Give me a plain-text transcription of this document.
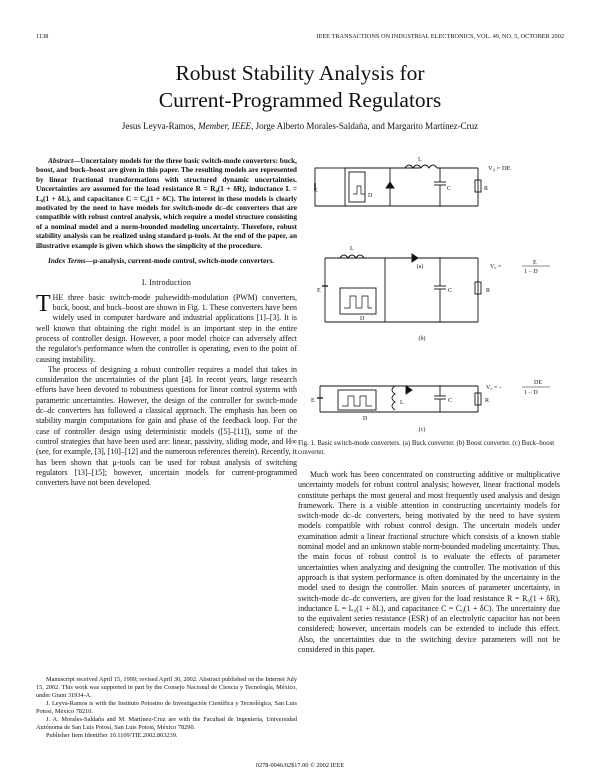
1138	IEEE TRANSACTIONS ON INDUSTRIAL ELECTRONICS, VOL. 49, NO. 5, OCTOBER 2002
Robust Stability Analysis for
Current-Programmed Regulators
Jesus Leyva-Ramos, Member, IEEE, Jorge Alberto Morales-Saldaña, and Margarito Martínez-Cruz
Abstract—Uncertainty models for the three basic switch-mode converters: buck, boost, and buck–boost are given in this paper. The resulting models are represented by linear fractional transformations with structured dynamic uncertainties. Uncertainties are assumed for the load resistance R = R₀(1 + δR), inductance L = L₀(1 + δL), and capacitance C = C₀(1 + δC). The interest in these models is clearly motivated by the need to have models for switch-mode dc–dc converters that are compatible with robust control analysis, which require a model structure consisting of a nominal model and a norm-bounded modeling uncertainty. Therefore, robust stability analysis can be realized using standard μ-tools. At the end of the paper, an illustrative example is given which shows the simplicity of the procedure.
Index Terms—μ-analysis, current-mode control, switch-mode converters.
I. Introduction

THE three basic switch-mode pulsewidth-modulation (PWM) converters, buck, boost, and buck–boost are shown in Fig. 1. These converters have been widely used in computer hardware and industrial applications [1]–[3]. It is well known that obtaining the right model is an important step in the entire process of controller design. However, a poor model choice can adversely affect the regulator's performance when the controller is operating, even to the point of causing instability.

The process of designing a robust controller requires a model that takes in consideration the uncertainties of the plant [4]. In recent years, large research efforts have been devoted to robustness questions for linear control systems with parametric uncertainties. However, the design of the controller for switch-mode dc–dc converters has followed a classical approach. The emphasis has been on stability margin computations for gain and phase of the feedback loop. For the case of controller design using deterministic models ([5]–[11]), some of the control strategies that have been used are: linear, passivity, sliding mode, and H∞ (see, for example, [3], [10]–[12] and the numerous references therein). Recently, it has been shown that μ-tools can be used for robust analysis of switching regulators [13]–[15]; however, uncertain models for current-programmed converters have not been developed.

Manuscript received April 15, 1999; revised April 30, 2002. Abstract published on the Internet July 15, 2002. This work was supported in part by the Consejo Nacional de Ciencia y Tecnología, México, under Grant 31934-A.

J. Leyva-Ramos is with the Instituto Potosino de Investigación Científica y Tecnológica, San Luis Potosí, México 78210.

J. A. Morales-Saldaña and M. Martínez-Cruz are with the Facultad de Ingeniería, Universidad Autónoma de San Luis Potosí, San Luis Potosí, México 78290.

Publisher Item Identifier 10.1109/TIE.2002.803239.

E
D
L
C	R
V₀ = DE
(a)
E
D
L
C	R
V₀ =
E
1 − D
(b)
E
D
L	C	R
V₀ = −
DE
1 − D
(c)
Fig. 1. Basic switch-mode converters. (a) Buck converter. (b) Boost converter. (c) Buck–boost converter.

Much work has been concentrated on constructing additive or multiplicative uncertainty models for robust control analysis; however, linear fractional models constitute perhaps the most general and most frequently used analysis and design framework. There is a visible attention in constructing uncertainty models for switch-mode dc–dc converters, being motivated by the need to have system models compatible with robust control design. The uncertain models under examination admit a linear fractional structure which consists of a known stable nominal model and an unknown stable norm-bounded modeling uncertainty. Thus, the main focus of robust control is to evaluate the effects of parameter uncertainties when analyzing and designing the controller. The motivation of this approach is that system performance is often dominated by the uncertainty in the model used to design the controller. Main sources of parameter uncertainty, in switch-mode dc–dc converters, are given for the load resistance R = R₀(1 + δR), inductance L = L₀(1 + δL), and capacitance C = C₀(1 + δC). The uncertainty due to the equivalent series resistance (ESR) of an electrolytic capacitor has not been considered; however, uncertain models can be extended to include this effect. Also, the uncertainties due to the switching device parameters will not be considered in this paper.

0278-0046/02$17.00 © 2002 IEEE
